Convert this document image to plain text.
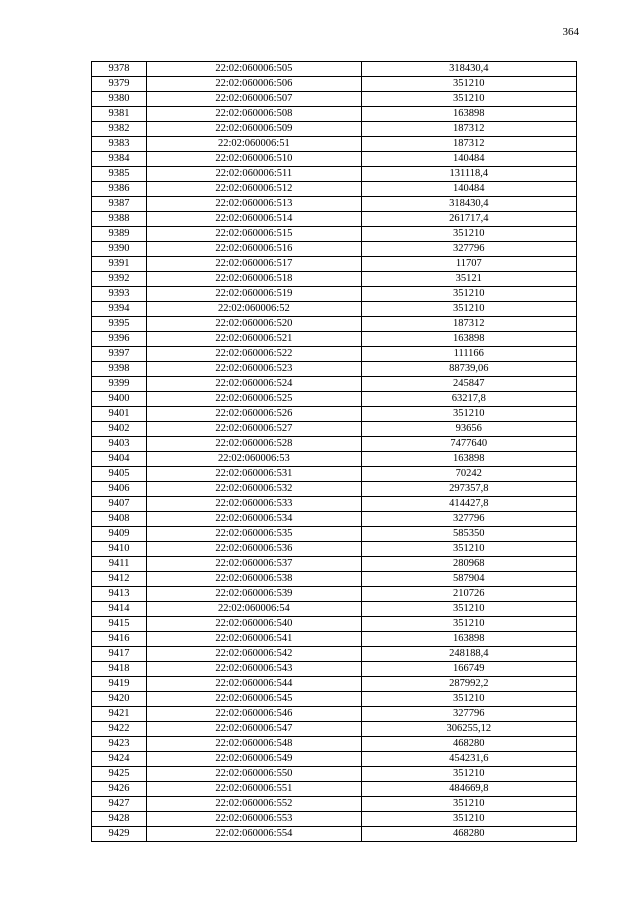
364
9378	22:02:060006:505	318430,4
9379	22:02:060006:506	351210
9380	22:02:060006:507	351210
9381	22:02:060006:508	163898
9382	22:02:060006:509	187312
9383	22:02:060006:51	187312
9384	22:02:060006:510	140484
9385	22:02:060006:511	131118,4
9386	22:02:060006:512	140484
9387	22:02:060006:513	318430,4
9388	22:02:060006:514	261717,4
9389	22:02:060006:515	351210
9390	22:02:060006:516	327796
9391	22:02:060006:517	11707
9392	22:02:060006:518	35121
9393	22:02:060006:519	351210
9394	22:02:060006:52	351210
9395	22:02:060006:520	187312
9396	22:02:060006:521	163898
9397	22:02:060006:522	111166
9398	22:02:060006:523	88739,06
9399	22:02:060006:524	245847
9400	22:02:060006:525	63217,8
9401	22:02:060006:526	351210
9402	22:02:060006:527	93656
9403	22:02:060006:528	7477640
9404	22:02:060006:53	163898
9405	22:02:060006:531	70242
9406	22:02:060006:532	297357,8
9407	22:02:060006:533	414427,8
9408	22:02:060006:534	327796
9409	22:02:060006:535	585350
9410	22:02:060006:536	351210
9411	22:02:060006:537	280968
9412	22:02:060006:538	587904
9413	22:02:060006:539	210726
9414	22:02:060006:54	351210
9415	22:02:060006:540	351210
9416	22:02:060006:541	163898
9417	22:02:060006:542	248188,4
9418	22:02:060006:543	166749
9419	22:02:060006:544	287992,2
9420	22:02:060006:545	351210
9421	22:02:060006:546	327796
9422	22:02:060006:547	306255,12
9423	22:02:060006:548	468280
9424	22:02:060006:549	454231,6
9425	22:02:060006:550	351210
9426	22:02:060006:551	484669,8
9427	22:02:060006:552	351210
9428	22:02:060006:553	351210
9429	22:02:060006:554	468280
